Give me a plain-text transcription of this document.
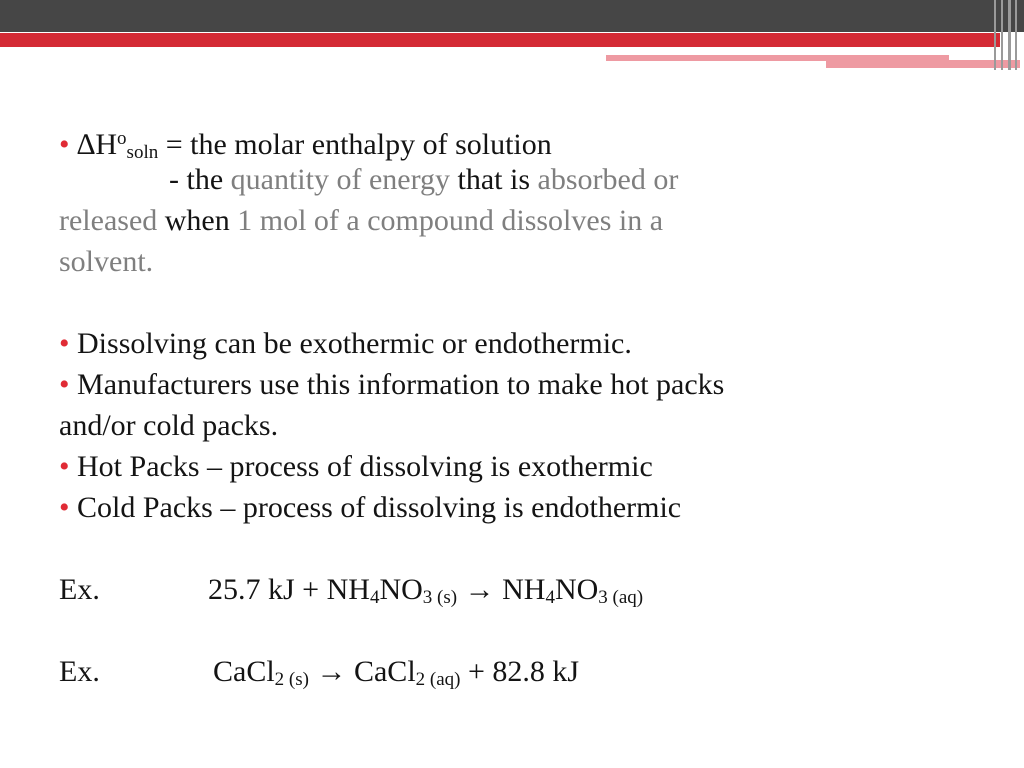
• $\Delta H^o_{soln}$ = the molar enthalpy of solution
- the quantity of energy that is absorbed or
released when 1 mol of a compound dissolves in a
solvent.
• Dissolving can be exothermic or endothermic.
• Manufacturers use this information to make hot packs
and/or cold packs.
• Hot Packs – process of dissolving is exothermic
• Cold Packs – process of dissolving is endothermic
Ex.	25.7 kJ + $NH_4NO_3$ $_{(s)} \to NH_4NO_3$ $_{(aq)}$
Ex.	CaCl$_2$ $_{(s)}$ → CaCl$_2$ $_{(aq)}$ + 82.8 kJ
